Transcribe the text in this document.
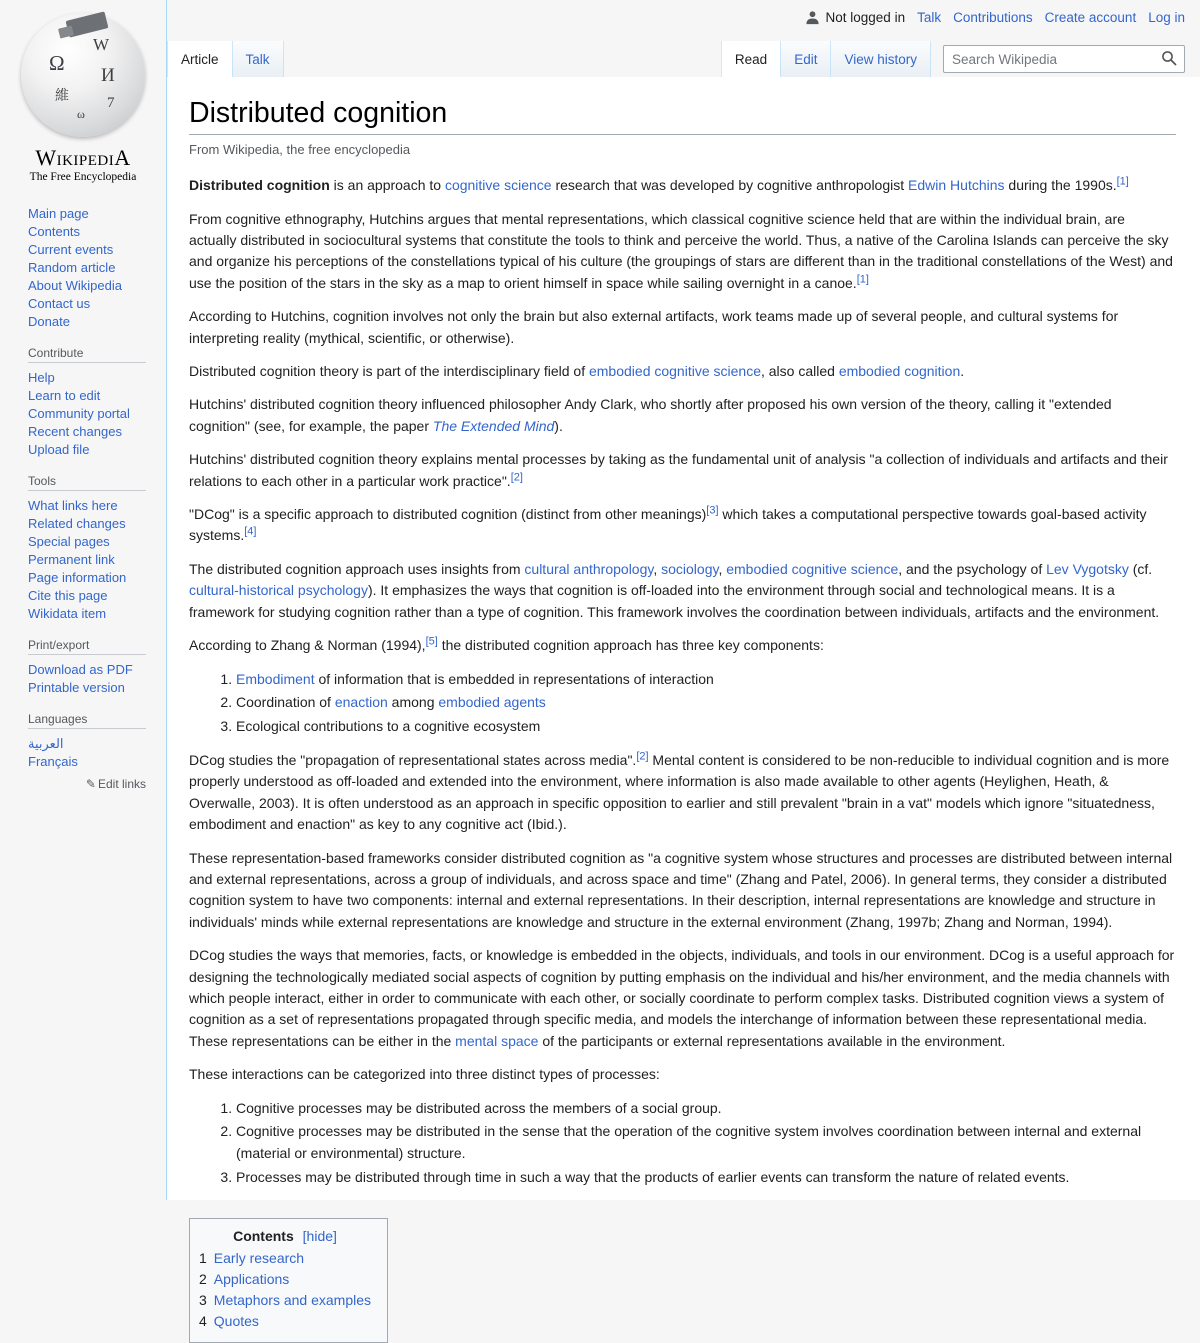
W
Ω
И
維	7
ω
WikipediA
The Free Encyclopedia
Main page
Contents
Current events
Random article
About Wikipedia
Contact us
Donate
Contribute
Help
Learn to edit
Community portal
Recent changes
Upload file
Tools
What links here
Related changes
Special pages
Permanent link
Page information
Cite this page
Wikidata item
Print/export
Download as PDF
Printable version
Languages
العربية
Français
✎ Edit links
Not logged in Talk Contributions Create account Log in
Article	Talk	Read	Edit	View history
Search Wikipedia
Distributed cognition
From Wikipedia, the free encyclopedia

Distributed cognition is an approach to cognitive science research that was developed by cognitive anthropologist Edwin Hutchins during the 1990s.[1]

From cognitive ethnography, Hutchins argues that mental representations, which classical cognitive science held that are within the individual brain, are actually distributed in sociocultural systems that constitute the tools to think and perceive the world. Thus, a native of the Carolina Islands can perceive the sky and organize his perceptions of the constellations typical of his culture (the groupings of stars are different than in the traditional constellations of the West) and use the position of the stars in the sky as a map to orient himself in space while sailing overnight in a canoe.[1]

According to Hutchins, cognition involves not only the brain but also external artifacts, work teams made up of several people, and cultural systems for interpreting reality (mythical, scientific, or otherwise).

Distributed cognition theory is part of the interdisciplinary field of embodied cognitive science, also called embodied cognition.

Hutchins' distributed cognition theory influenced philosopher Andy Clark, who shortly after proposed his own version of the theory, calling it "extended cognition" (see, for example, the paper The Extended Mind).

Hutchins' distributed cognition theory explains mental processes by taking as the fundamental unit of analysis "a collection of individuals and artifacts and their relations to each other in a particular work practice".[2]

"DCog" is a specific approach to distributed cognition (distinct from other meanings)[3] which takes a computational perspective towards goal-based activity systems.[4]

The distributed cognition approach uses insights from cultural anthropology, sociology, embodied cognitive science, and the psychology of Lev Vygotsky (cf. cultural-historical psychology). It emphasizes the ways that cognition is off-loaded into the environment through social and technological means. It is a framework for studying cognition rather than a type of cognition. This framework involves the coordination between individuals, artifacts and the environment.

According to Zhang & Norman (1994),[5] the distributed cognition approach has three key components:

1. Embodiment of information that is embedded in representations of interaction
2. Coordination of enaction among embodied agents
3. Ecological contributions to a cognitive ecosystem

DCog studies the "propagation of representational states across media".[2] Mental content is considered to be non-reducible to individual cognition and is more properly understood as off-loaded and extended into the environment, where information is also made available to other agents (Heylighen, Heath, & Overwalle, 2003). It is often understood as an approach in specific opposition to earlier and still prevalent "brain in a vat" models which ignore "situatedness, embodiment and enaction" as key to any cognitive act (Ibid.).

These representation-based frameworks consider distributed cognition as "a cognitive system whose structures and processes are distributed between internal and external representations, across a group of individuals, and across space and time" (Zhang and Patel, 2006). In general terms, they consider a distributed cognition system to have two components: internal and external representations. In their description, internal representations are knowledge and structure in individuals' minds while external representations are knowledge and structure in the external environment (Zhang, 1997b; Zhang and Norman, 1994).

DCog studies the ways that memories, facts, or knowledge is embedded in the objects, individuals, and tools in our environment. DCog is a useful approach for designing the technologically mediated social aspects of cognition by putting emphasis on the individual and his/her environment, and the media channels with which people interact, either in order to communicate with each other, or socially coordinate to perform complex tasks. Distributed cognition views a system of cognition as a set of representations propagated through specific media, and models the interchange of information between these representational media. These representations can be either in the mental space of the participants or external representations available in the environment.

These interactions can be categorized into three distinct types of processes:

1. Cognitive processes may be distributed across the members of a social group.
2. Cognitive processes may be distributed in the sense that the operation of the cognitive system involves coordination between internal and external (material or environmental) structure.
3. Processes may be distributed through time in such a way that the products of earlier events can transform the nature of related events.
Contents [hide]
1 Early research
2 Applications
3 Metaphors and examples
4 Quotes
